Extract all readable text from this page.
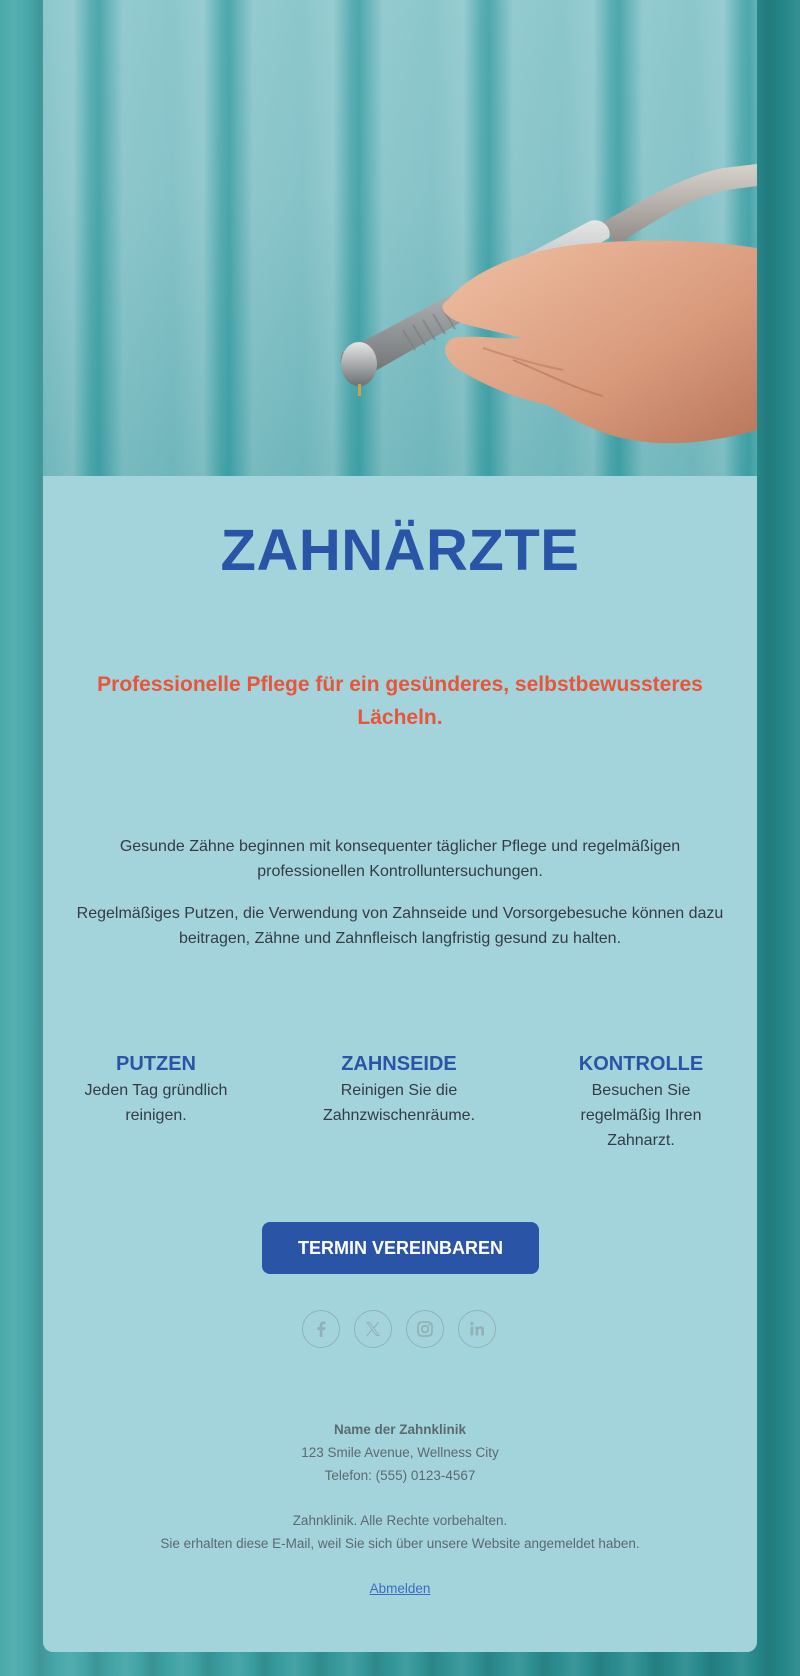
ZAHNÄRZTE
Professionelle Pflege für ein gesünderes, selbstbewussteres Lächeln.
Gesunde Zähne beginnen mit konsequenter täglicher Pflege und regelmäßigen professionellen Kontrolluntersuchungen.
Regelmäßiges Putzen, die Verwendung von Zahnseide und Vorsorgebesuche können dazu beitragen, Zähne und Zahnfleisch langfristig gesund zu halten.
PUTZEN
Jeden Tag gründlich reinigen.
ZAHNSEIDE
Reinigen Sie die Zahnzwischenräume.
KONTROLLE
Besuchen Sie regelmäßig Ihren Zahnarzt.
TERMIN VEREINBAREN
Name der Zahnklinik
123 Smile Avenue, Wellness City
Telefon: (555) 0123-4567
Zahnklinik. Alle Rechte vorbehalten.
Sie erhalten diese E-Mail, weil Sie sich über unsere Website angemeldet haben.
Abmelden
